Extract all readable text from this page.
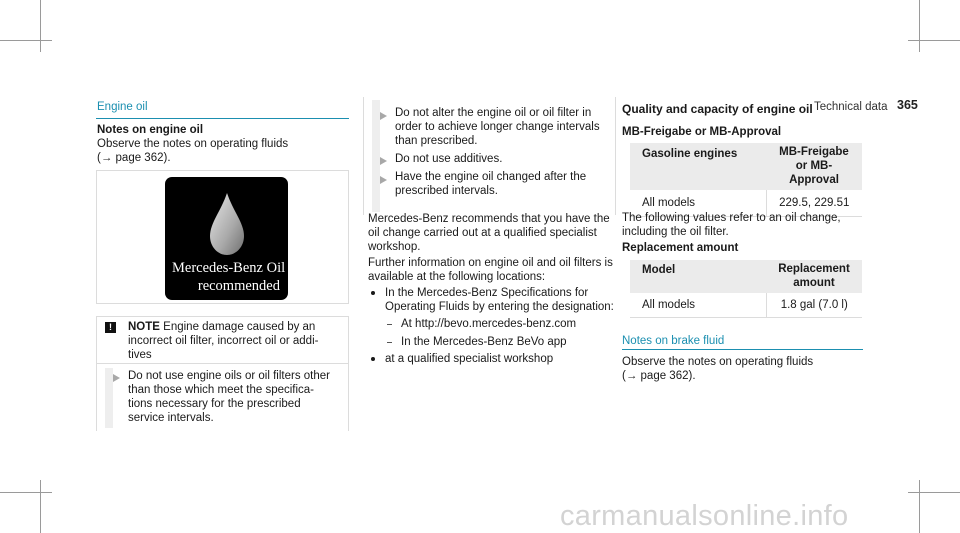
Technical data 365
Engine oil
Notes on engine oil
Observe the notes on operating fluids
(→ page 362).
Mercedes-Benz Oil
recommended
!	NOTE Engine damage caused by an
incorrect oil filter, incorrect oil or addi-
tives
Do not use engine oils or oil filters other
than those which meet the specifica-
tions necessary for the prescribed
service intervals.
Do not alter the engine oil or oil filter in
order to achieve longer change intervals
than prescribed.
Do not use additives.
Have the engine oil changed after the
prescribed intervals.
Mercedes-Benz recommends that you have the
oil change carried out at a qualified specialist
workshop.
Further information on engine oil and oil filters is
available at the following locations:
In the Mercedes-Benz Specifications for
Operating Fluids by entering the designation:
At http://bevo.mercedes-benz.com
In the Mercedes-Benz BeVo app
at a qualified specialist workshop
Quality and capacity of engine oil
MB-Freigabe or MB-Approval
Gasoline engines	MB-Freigabe or MB-
Approval
All models	229.5, 229.51
The following values refer to an oil change,
including the oil filter.
Replacement amount
Model	Replacement
amount
All models	1.8 gal (7.0 l)
Notes on brake fluid
Observe the notes on operating fluids
(→ page 362).
carmanualsonline.info
